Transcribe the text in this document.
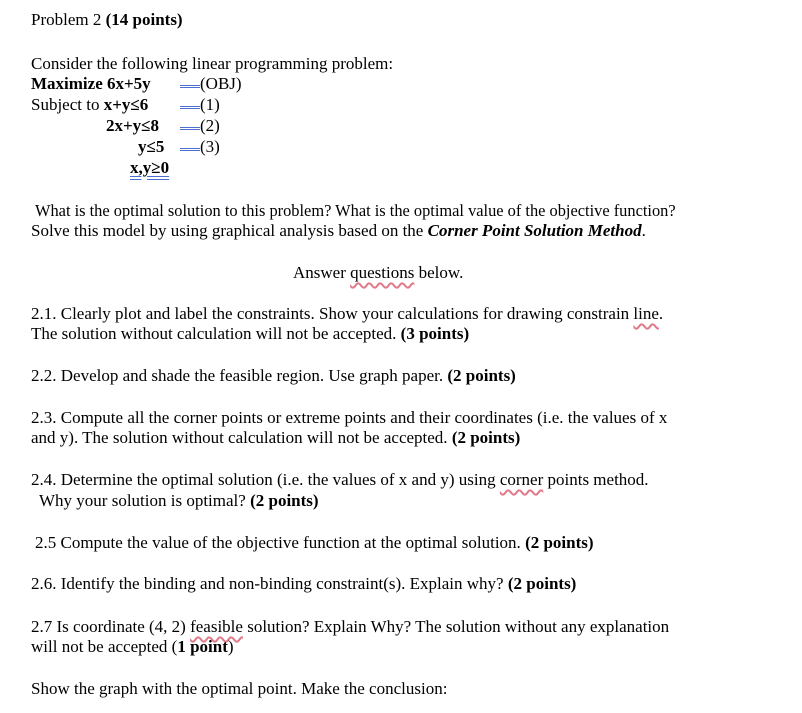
Problem 2 (14 points)
Consider the following linear programming problem:
Maximize 6x+5y	(OBJ)
Subject to x+y≤6	(1)
2x+y≤8	(2)
y≤5	(3)
x,y≥0
What is the optimal solution to this problem? What is the optimal value of the objective function?
Solve this model by using graphical analysis based on the Corner Point Solution Method.
Answer questions below.
2.1. Clearly plot and label the constraints. Show your calculations for drawing constrain line.
The solution without calculation will not be accepted. (3 points)
2.2. Develop and shade the feasible region. Use graph paper. (2 points)
2.3. Compute all the corner points or extreme points and their coordinates (i.e. the values of x
and y). The solution without calculation will not be accepted. (2 points)
2.4. Determine the optimal solution (i.e. the values of x and y) using corner points method.
Why your solution is optimal? (2 points)
2.5 Compute the value of the objective function at the optimal solution. (2 points)
2.6. Identify the binding and non-binding constraint(s). Explain why? (2 points)
2.7 Is coordinate (4, 2) feasible solution? Explain Why? The solution without any explanation
will not be accepted (1 point)
Show the graph with the optimal point. Make the conclusion:
